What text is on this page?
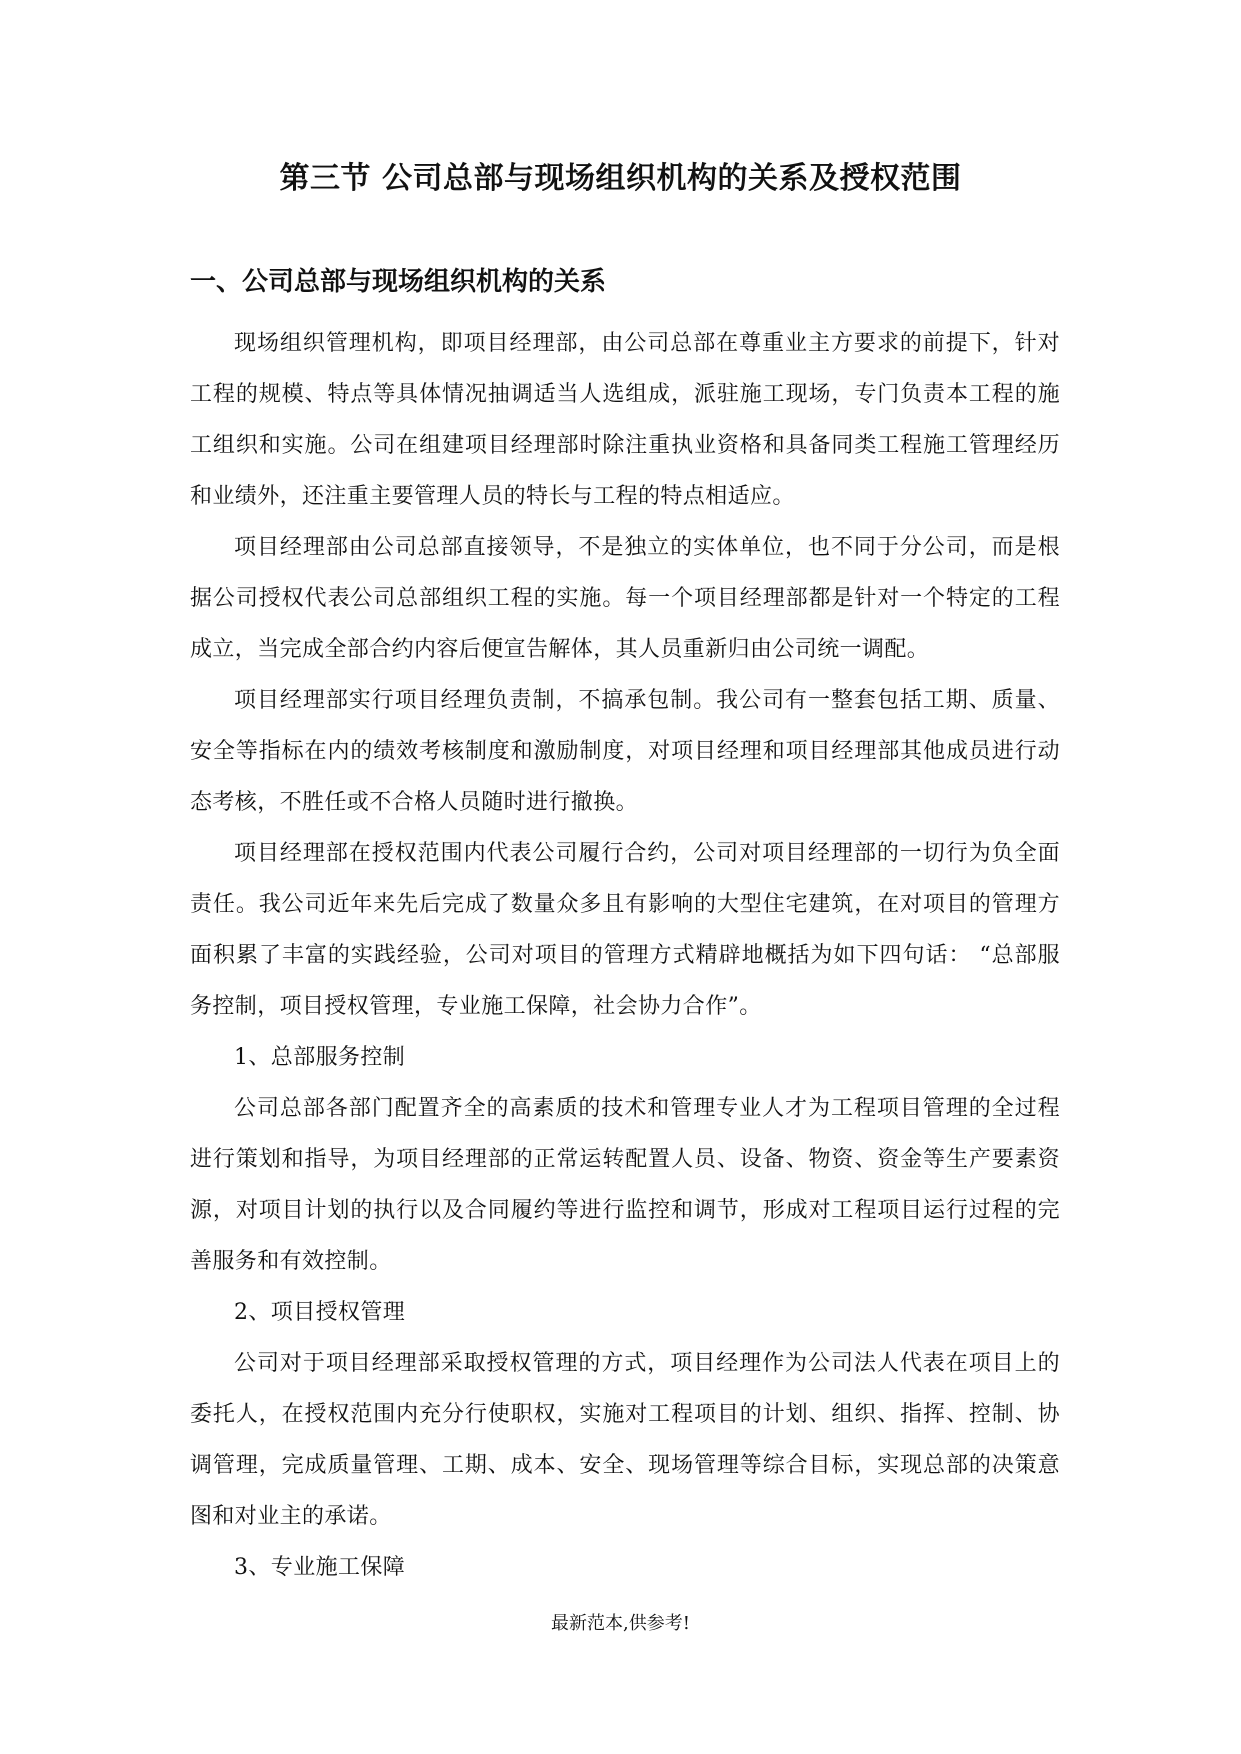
第三节 公司总部与现场组织机构的关系及授权范围
一、公司总部与现场组织机构的关系

现场组织管理机构，即项目经理部，由公司总部在尊重业主方要求的前提下，针对工程的规模、特点等具体情况抽调适当人选组成，派驻施工现场，专门负责本工程的施工组织和实施。公司在组建项目经理部时除注重执业资格和具备同类工程施工管理经历和业绩外，还注重主要管理人员的特长与工程的特点相适应。

项目经理部由公司总部直接领导，不是独立的实体单位，也不同于分公司，而是根据公司授权代表公司总部组织工程的实施。每一个项目经理部都是针对一个特定的工程成立，当完成全部合约内容后便宣告解体，其人员重新归由公司统一调配。

项目经理部实行项目经理负责制，不搞承包制。我公司有一整套包括工期、质量、安全等指标在内的绩效考核制度和激励制度，对项目经理和项目经理部其他成员进行动态考核，不胜任或不合格人员随时进行撤换。

项目经理部在授权范围内代表公司履行合约，公司对项目经理部的一切行为负全面责任。我公司近年来先后完成了数量众多且有影响的大型住宅建筑，在对项目的管理方面积累了丰富的实践经验，公司对项目的管理方式精辟地概括为如下四句话： “总部服务控制，项目授权管理，专业施工保障，社会协力合作”。

1、总部服务控制

公司总部各部门配置齐全的高素质的技术和管理专业人才为工程项目管理的全过程进行策划和指导，为项目经理部的正常运转配置人员、设备、物资、资金等生产要素资源，对项目计划的执行以及合同履约等进行监控和调节，形成对工程项目运行过程的完善服务和有效控制。

2、项目授权管理

公司对于项目经理部采取授权管理的方式，项目经理作为公司法人代表在项目上的委托人，在授权范围内充分行使职权，实施对工程项目的计划、组织、指挥、控制、协调管理，完成质量管理、工期、成本、安全、现场管理等综合目标，实现总部的决策意图和对业主的承诺。

3、专业施工保障

最新范本,供参考!
